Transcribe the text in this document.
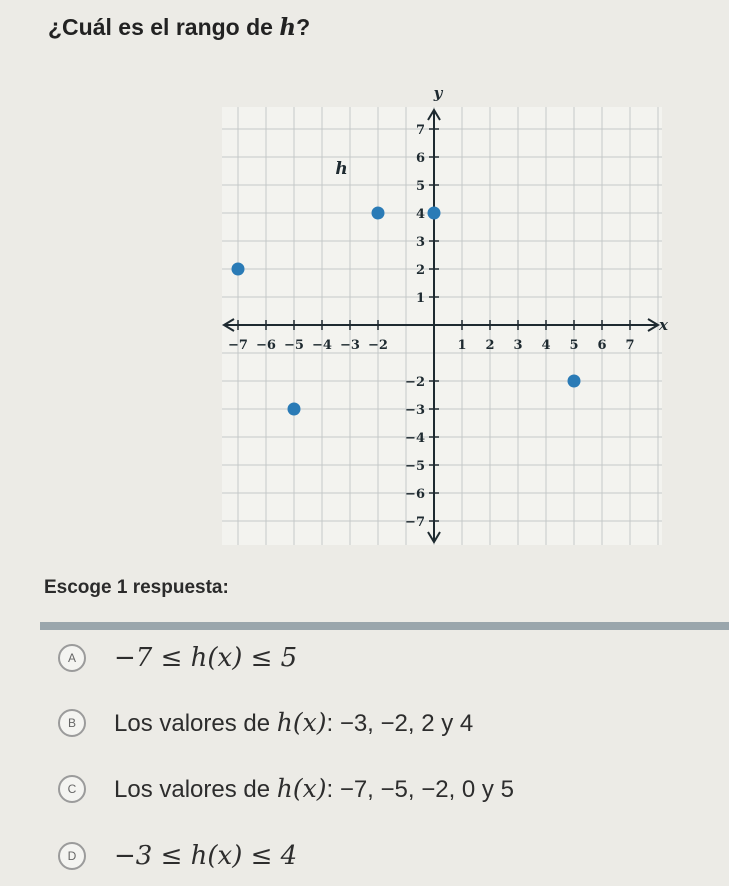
¿Cuál es el rango de h?
x
y
−7 −6 −5 −4 −3 −2	1 2 3 4 5 6 7
7
6
5
4
3
2
1
−2
−3
−4
−5
−6
−7
h
Escoge 1 respuesta:
A	−7 ≤ h(x) ≤ 5
B	Los valores de h(x): −3, −2, 2 y 4
C	Los valores de h(x): −7, −5, −2, 0 y 5
D	−3 ≤ h(x) ≤ 4
